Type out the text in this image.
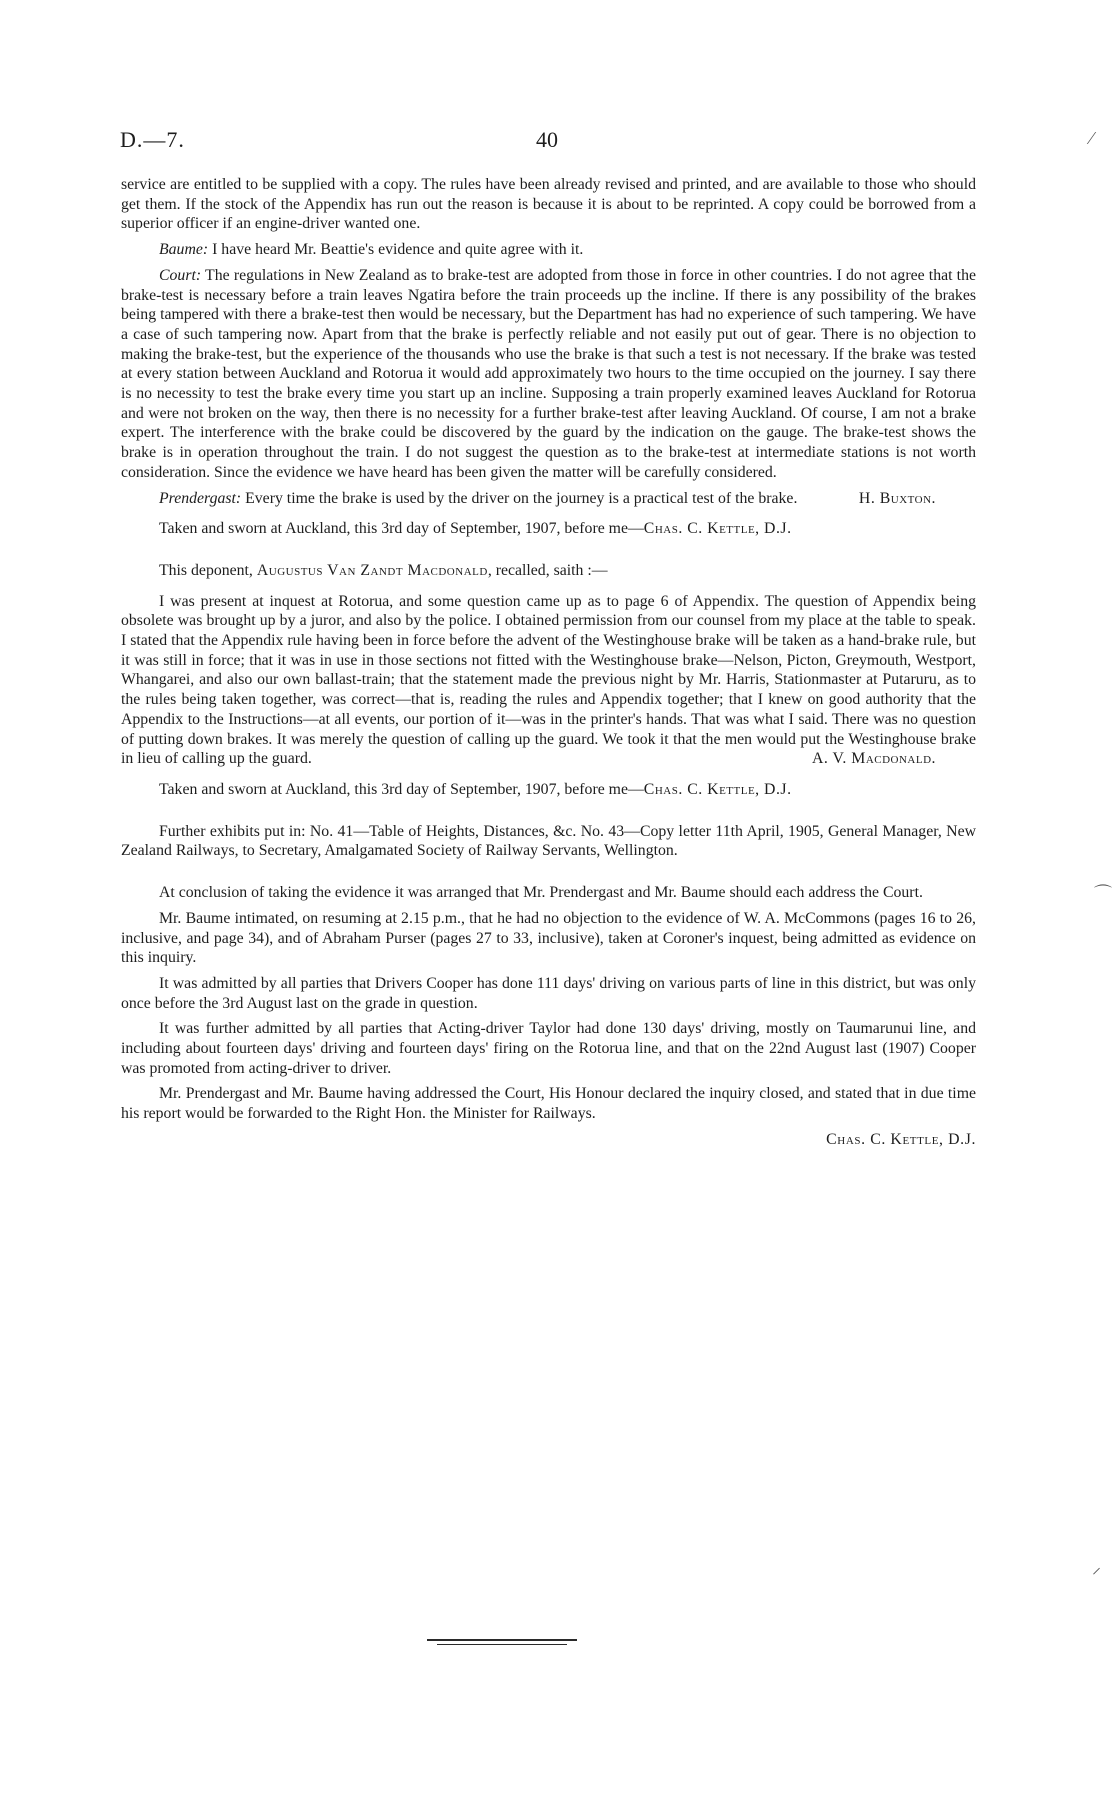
D.—7.	40

service are entitled to be supplied with a copy. The rules have been already revised and printed, and are available to those who should get them. If the stock of the Appendix has run out the reason is because it is about to be reprinted. A copy could be borrowed from a superior officer if an engine-driver wanted one.

Baume: I have heard Mr. Beattie's evidence and quite agree with it.

Court: The regulations in New Zealand as to brake-test are adopted from those in force in other countries. I do not agree that the brake-test is necessary before a train leaves Ngatira before the train proceeds up the incline. If there is any possibility of the brakes being tampered with there a brake-test then would be necessary, but the Department has had no experience of such tampering. We have a case of such tampering now. Apart from that the brake is perfectly reliable and not easily put out of gear. There is no objection to making the brake-test, but the experience of the thousands who use the brake is that such a test is not necessary. If the brake was tested at every station between Auckland and Rotorua it would add approximately two hours to the time occupied on the journey. I say there is no necessity to test the brake every time you start up an incline. Supposing a train properly examined leaves Auckland for Rotorua and were not broken on the way, then there is no necessity for a further brake-test after leaving Auckland. Of course, I am not a brake expert. The interference with the brake could be discovered by the guard by the indication on the gauge. The brake-test shows the brake is in operation throughout the train. I do not suggest the question as to the brake-test at intermediate stations is not worth consideration. Since the evidence we have heard has been given the matter will be carefully considered.

Prendergast: Every time the brake is used by the driver on the journey is a practical test of the brake.	H. Buxton.

Taken and sworn at Auckland, this 3rd day of September, 1907, before me—Chas. C. Kettle, D.J.

This deponent, Augustus Van Zandt Macdonald, recalled, saith :—

I was present at inquest at Rotorua, and some question came up as to page 6 of Appendix. The question of Appendix being obsolete was brought up by a juror, and also by the police. I obtained permission from our counsel from my place at the table to speak. I stated that the Appendix rule having been in force before the advent of the Westinghouse brake will be taken as a hand-brake rule, but it was still in force; that it was in use in those sections not fitted with the Westinghouse brake—Nelson, Picton, Greymouth, Westport, Whangarei, and also our own ballast-train; that the statement made the previous night by Mr. Harris, Stationmaster at Putaruru, as to the rules being taken together, was correct—that is, reading the rules and Appendix together; that I knew on good authority that the Appendix to the Instructions—at all events, our portion of it—was in the printer's hands. That was what I said. There was no question of putting down brakes. It was merely the question of calling up the guard. We took it that the men would put the Westinghouse brake in lieu of calling up the guard.	A. V. Macdonald.

Taken and sworn at Auckland, this 3rd day of September, 1907, before me—Chas. C. Kettle, D.J.

Further exhibits put in: No. 41—Table of Heights, Distances, &c. No. 43—Copy letter 11th April, 1905, General Manager, New Zealand Railways, to Secretary, Amalgamated Society of Railway Servants, Wellington.

At conclusion of taking the evidence it was arranged that Mr. Prendergast and Mr. Baume should each address the Court.

Mr. Baume intimated, on resuming at 2.15 p.m., that he had no objection to the evidence of W. A. McCommons (pages 16 to 26, inclusive, and page 34), and of Abraham Purser (pages 27 to 33, inclusive), taken at Coroner's inquest, being admitted as evidence on this inquiry.

It was admitted by all parties that Drivers Cooper has done 111 days' driving on various parts of line in this district, but was only once before the 3rd August last on the grade in question.

It was further admitted by all parties that Acting-driver Taylor had done 130 days' driving, mostly on Taumarunui line, and including about fourteen days' driving and fourteen days' firing on the Rotorua line, and that on the 22nd August last (1907) Cooper was promoted from acting-driver to driver.

Mr. Prendergast and Mr. Baume having addressed the Court, His Honour declared the inquiry closed, and stated that in due time his report would be forwarded to the Right Hon. the Minister for Railways.

Chas. C. Kettle, D.J.

⁄
⌒
⸝
